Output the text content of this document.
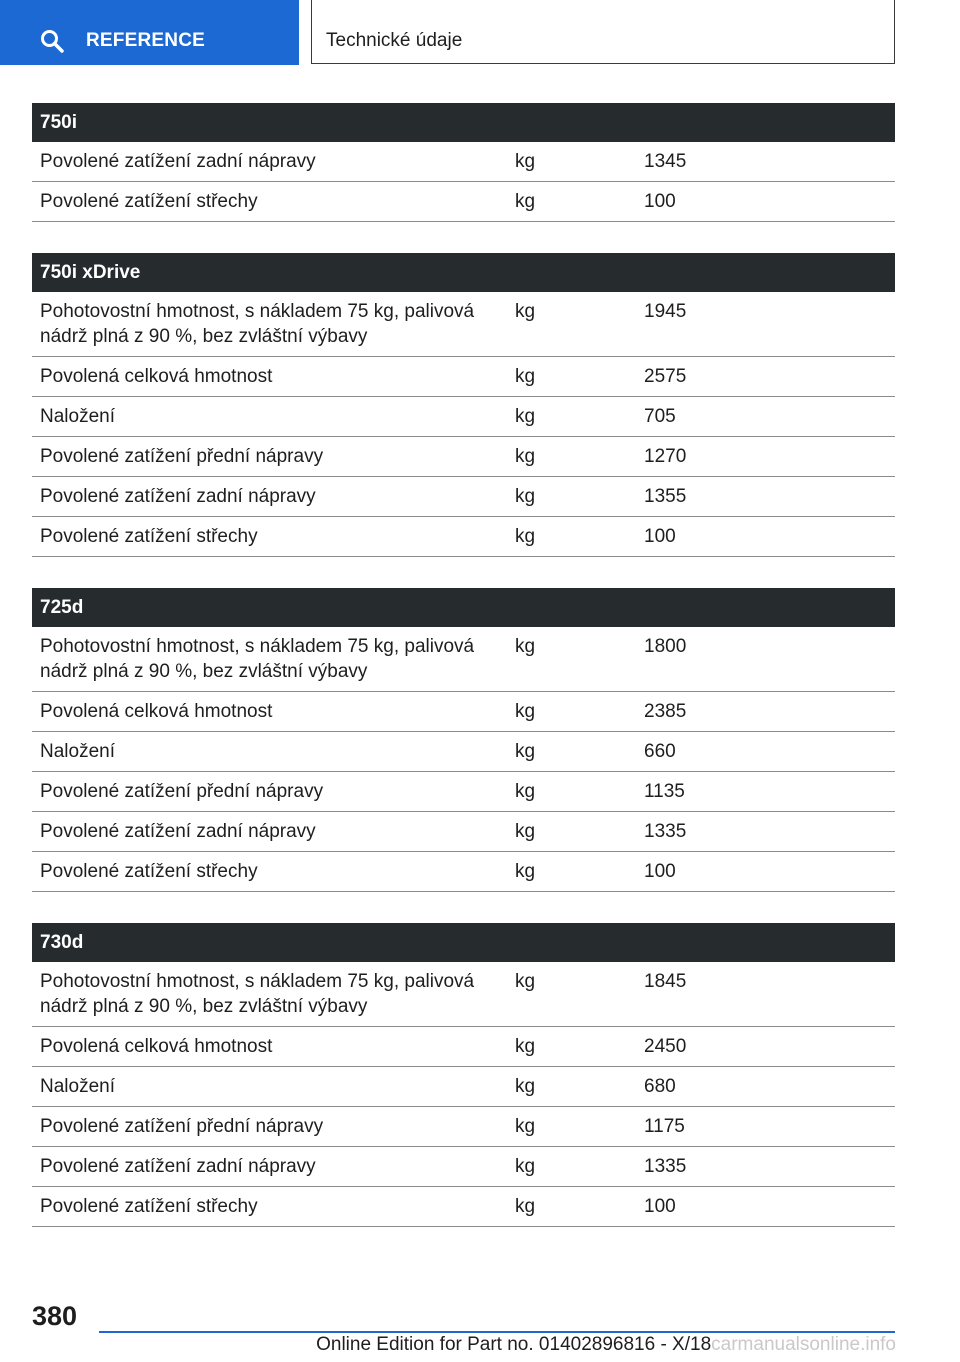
REFERENCE	Technické údaje
750i		
Povolené zatížení zadní nápravy	kg	1345
Povolené zatížení střechy	kg	100
750i xDrive		
Pohotovostní hmotnost, s nákladem 75 kg, palivová nádrž plná z 90 %, bez zvláštní výbavy	kg	1945
Povolená celková hmotnost	kg	2575
Naložení	kg	705
Povolené zatížení přední nápravy	kg	1270
Povolené zatížení zadní nápravy	kg	1355
Povolené zatížení střechy	kg	100
725d		
Pohotovostní hmotnost, s nákladem 75 kg, palivová nádrž plná z 90 %, bez zvláštní výbavy	kg	1800
Povolená celková hmotnost	kg	2385
Naložení	kg	660
Povolené zatížení přední nápravy	kg	1135
Povolené zatížení zadní nápravy	kg	1335
Povolené zatížení střechy	kg	100
730d		
Pohotovostní hmotnost, s nákladem 75 kg, palivová nádrž plná z 90 %, bez zvláštní výbavy	kg	1845
Povolená celková hmotnost	kg	2450
Naložení	kg	680
Povolené zatížení přední nápravy	kg	1175
Povolené zatížení zadní nápravy	kg	1335
Povolené zatížení střechy	kg	100
380
Online Edition for Part no. 01402896816 - X/18carmanualsonline.info
